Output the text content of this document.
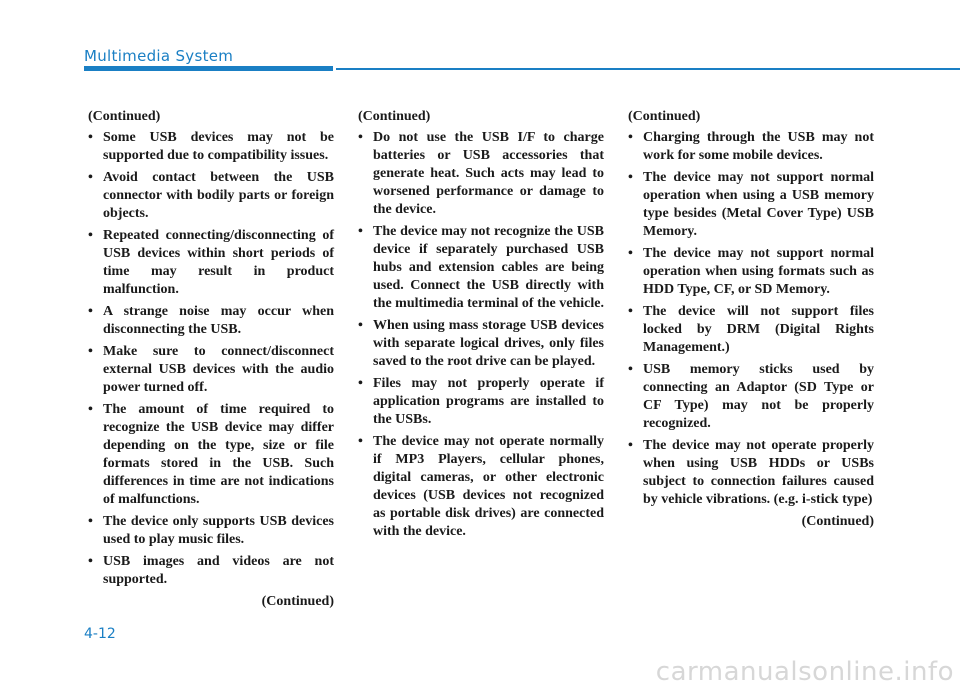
Multimedia System
(Continued)
• Some USB devices may not be supported due to compatibility issues.
• Avoid contact between the USB connector with bodily parts or foreign objects.
• Repeated connecting/disconnecting of USB devices within short periods of time may result in product malfunction.
• A strange noise may occur when disconnecting the USB.
• Make sure to connect/disconnect external USB devices with the audio power turned off.
• The amount of time required to recognize the USB device may differ depending on the type, size or file formats stored in the USB. Such differences in time are not indications of malfunctions.
• The device only supports USB devices used to play music files.
• USB images and videos are not supported.
(Continued)
(Continued)
• Do not use the USB I/F to charge batteries or USB accessories that generate heat. Such acts may lead to worsened performance or damage to the device.
• The device may not recognize the USB device if separately purchased USB hubs and extension cables are being used. Connect the USB directly with the multimedia terminal of the vehicle.
• When using mass storage USB devices with separate logical drives, only files saved to the root drive can be played.
• Files may not properly operate if application programs are installed to the USBs.
• The device may not operate normally if MP3 Players, cellular phones, digital cameras, or other electronic devices (USB devices not recognized as portable disk drives) are connected with the device.
(Continued)
• Charging through the USB may not work for some mobile devices.
• The device may not support normal operation when using a USB memory type besides (Metal Cover Type) USB Memory.
• The device may not support normal operation when using formats such as HDD Type, CF, or SD Memory.
• The device will not support files locked by DRM (Digital Rights Management.)
• USB memory sticks used by connecting an Adaptor (SD Type or CF Type) may not be properly recognized.
• The device may not operate properly when using USB HDDs or USBs subject to connection failures caused by vehicle vibrations. (e.g. i-stick type)
(Continued)
4-12
carmanualsonline.info
